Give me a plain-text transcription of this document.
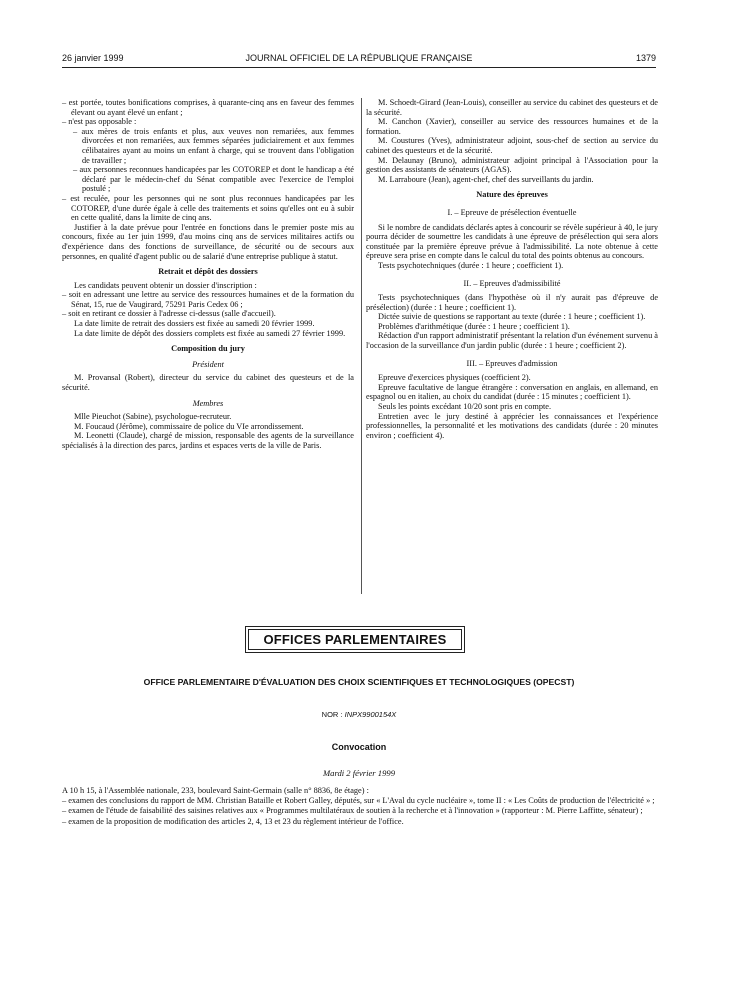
26 janvier 1999	JOURNAL OFFICIEL DE LA RÉPUBLIQUE FRANÇAISE	1379

– est portée, toutes bonifications comprises, à quarante-cinq ans en faveur des femmes élevant ou ayant élevé un enfant ;

– n'est pas opposable :

– aux mères de trois enfants et plus, aux veuves non remariées, aux femmes divorcées et non remariées, aux femmes séparées judiciairement et aux femmes célibataires ayant au moins un enfant à charge, qui se trouvent dans l'obligation de travailler ;

– aux personnes reconnues handicapées par les COTOREP et dont le handicap a été déclaré par le médecin-chef du Sénat compatible avec l'exercice de l'emploi postulé ;

– est reculée, pour les personnes qui ne sont plus reconnues handicapées par les COTOREP, d'une durée égale à celle des traitements et soins qu'elles ont eu à subir en cette qualité, dans la limite de cinq ans.

Justifier à la date prévue pour l'entrée en fonctions dans le premier poste mis au concours, fixée au 1er juin 1999, d'au moins cinq ans de services militaires actifs ou d'expérience dans des fonctions de surveillance, de sécurité ou de secours aux personnes, en qualité d'agent public ou de salarié d'une entreprise publique à statut.

Retrait et dépôt des dossiers

Les candidats peuvent obtenir un dossier d'inscription :

– soit en adressant une lettre au service des ressources humaines et de la formation du Sénat, 15, rue de Vaugirard, 75291 Paris Cedex 06 ;

– soit en retirant ce dossier à l'adresse ci-dessus (salle d'accueil).

La date limite de retrait des dossiers est fixée au samedi 20 février 1999.

La date limite de dépôt des dossiers complets est fixée au samedi 27 février 1999.

Composition du jury

Président

M. Provansal (Robert), directeur du service du cabinet des questeurs et de la sécurité.

Membres

Mlle Pieuchot (Sabine), psychologue-recruteur.

M. Foucaud (Jérôme), commissaire de police du VIe arrondissement.

M. Leonetti (Claude), chargé de mission, responsable des agents de la surveillance spécialisés à la direction des parcs, jardins et espaces verts de la ville de Paris.

M. Schoedt-Girard (Jean-Louis), conseiller au service du cabinet des questeurs et de la sécurité.

M. Canchon (Xavier), conseiller au service des ressources humaines et de la formation.

M. Coustures (Yves), administrateur adjoint, sous-chef de section au service du cabinet des questeurs et de la sécurité.

M. Delaunay (Bruno), administrateur adjoint principal à l'Association pour la gestion des assistants de sénateurs (AGAS).

M. Larraboure (Jean), agent-chef, chef des surveillants du jardin.

Nature des épreuves

I. – Epreuve de présélection éventuelle

Si le nombre de candidats déclarés aptes à concourir se révèle supérieur à 40, le jury pourra décider de soumettre les candidats à une épreuve de présélection qui sera alors constituée par la première épreuve prévue à l'admissibilité. La note obtenue à cette épreuve sera prise en compte dans le calcul du total des points obtenus au concours.

Tests psychotechniques (durée : 1 heure ; coefficient 1).

II. – Epreuves d'admissibilité

Tests psychotechniques (dans l'hypothèse où il n'y aurait pas d'épreuve de présélection) (durée : 1 heure ; coefficient 1).

Dictée suivie de questions se rapportant au texte (durée : 1 heure ; coefficient 1).

Problèmes d'arithmétique (durée : 1 heure ; coefficient 1).

Rédaction d'un rapport administratif présentant la relation d'un événement survenu à l'occasion de la surveillance d'un jardin public (durée : 1 heure ; coefficient 2).

III. – Epreuves d'admission

Epreuve d'exercices physiques (coefficient 2).

Epreuve facultative de langue étrangère : conversation en anglais, en allemand, en espagnol ou en italien, au choix du candidat (durée : 15 minutes ; coefficient 1).

Seuls les points excédant 10/20 sont pris en compte.

Entretien avec le jury destiné à apprécier les connaissances et l'expérience professionnelles, la personnalité et les motivations des candidats (durée : 20 minutes environ ; coefficient 4).

OFFICES PARLEMENTAIRES
OFFICE PARLEMENTAIRE D'ÉVALUATION DES CHOIX SCIENTIFIQUES ET TECHNOLOGIQUES (OPECST)
NOR : INPX9900154X
Convocation
Mardi 2 février 1999

A 10 h 15, à l'Assemblée nationale, 233, boulevard Saint-Germain (salle n° 8836, 8e étage) :

– examen des conclusions du rapport de MM. Christian Bataille et Robert Galley, députés, sur « L'Aval du cycle nucléaire », tome II : « Les Coûts de production de l'électricité » ;

– examen de l'étude de faisabilité des saisines relatives aux « Programmes multilatéraux de soutien à la recherche et à l'innovation » (rapporteur : M. Pierre Laffitte, sénateur) ;

– examen de la proposition de modification des articles 2, 4, 13 et 23 du règlement intérieur de l'office.
